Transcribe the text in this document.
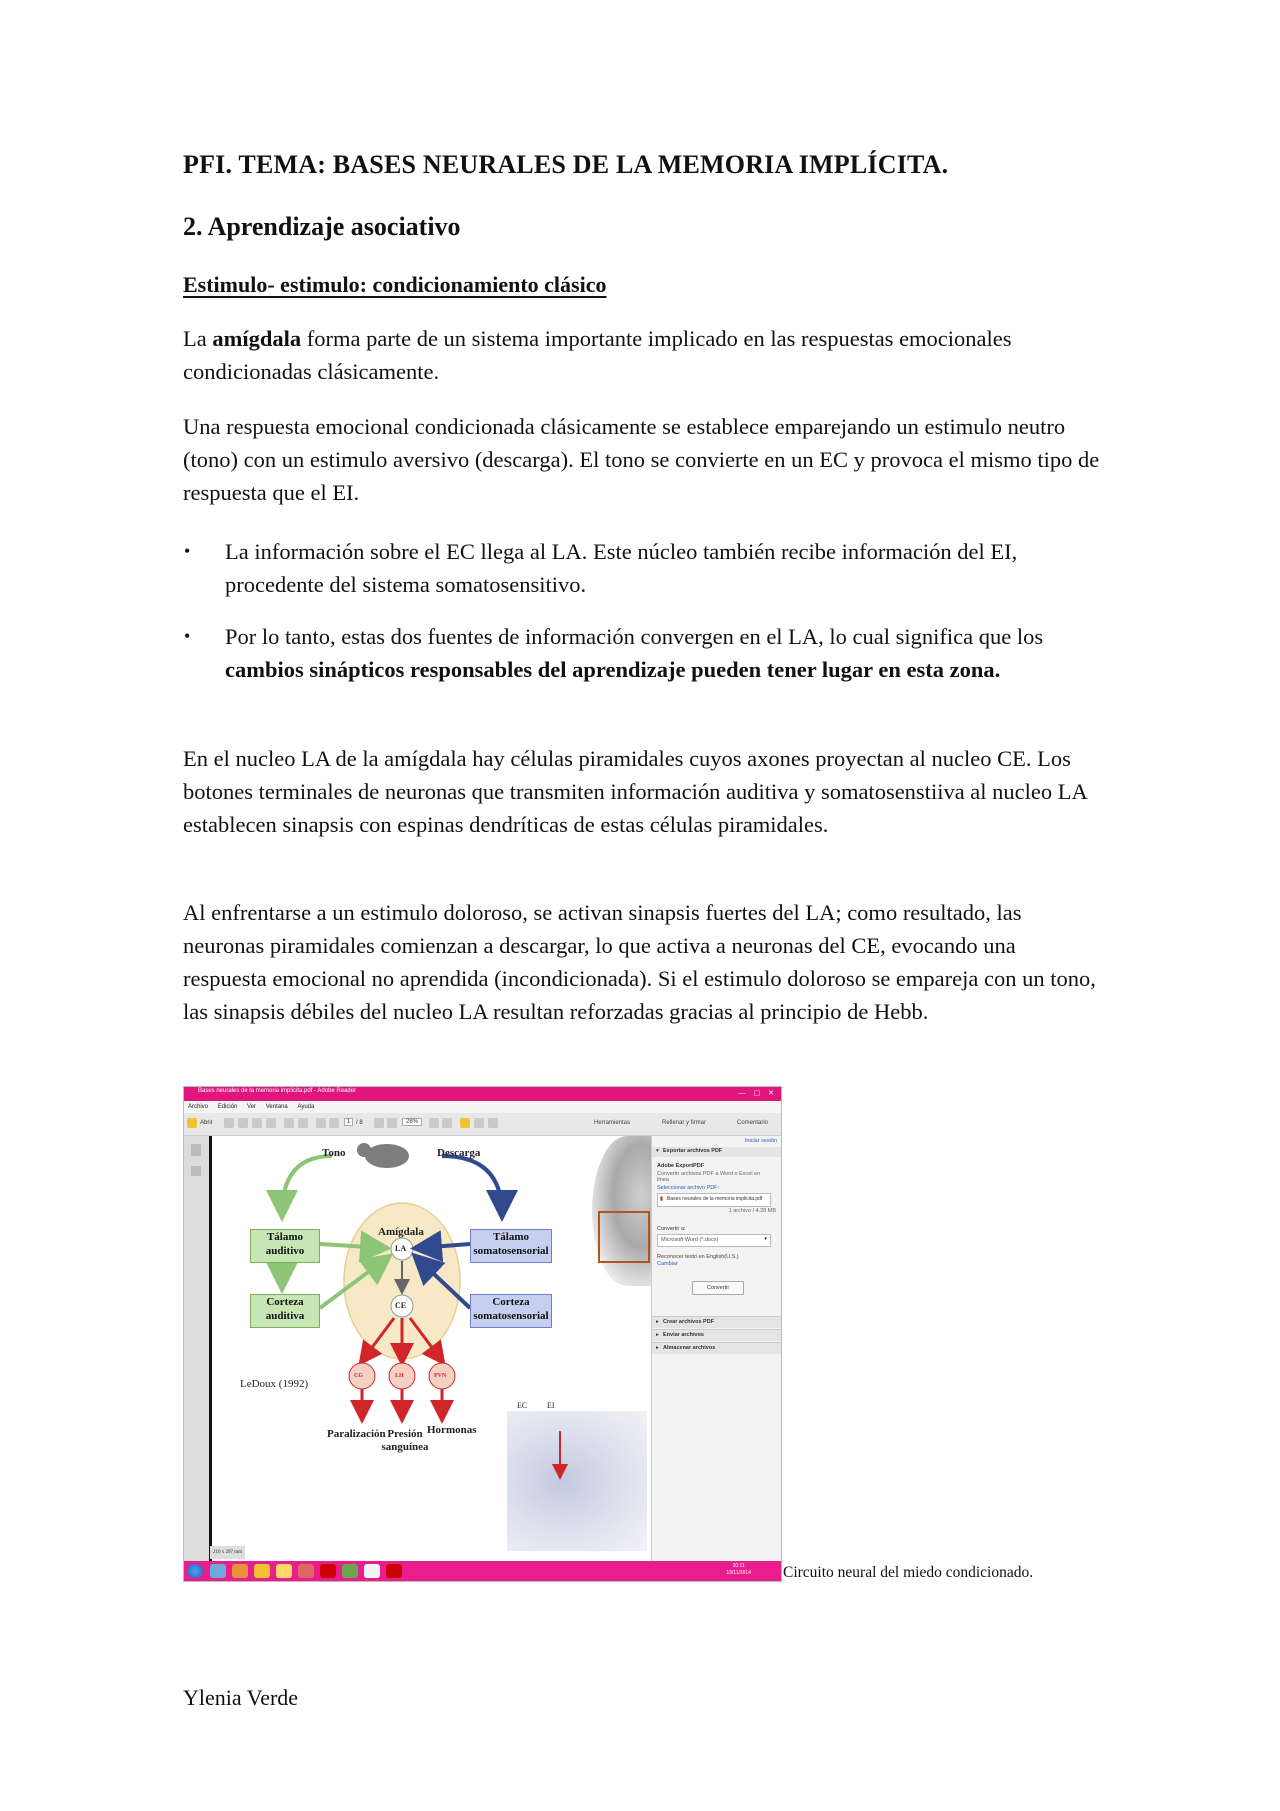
PFI. TEMA: BASES NEURALES DE LA MEMORIA IMPLÍCITA.
2. Aprendizaje asociativo
Estimulo- estimulo: condicionamiento clásico
La amígdala forma parte de un sistema importante implicado en las respuestas emocionales condicionadas clásicamente.
Una respuesta emocional condicionada clásicamente se establece emparejando un estimulo neutro (tono) con un estimulo aversivo (descarga). El tono se convierte en un EC y provoca el mismo tipo de respuesta que el EI.
• La información sobre el EC llega al LA. Este núcleo también recibe información del EI, procedente del sistema somatosensitivo.
• Por lo tanto, estas dos fuentes de información convergen en el LA, lo cual significa que los cambios sinápticos responsables del aprendizaje pueden tener lugar en esta zona.
En el nucleo LA de la amígdala hay células piramidales cuyos axones proyectan al nucleo CE. Los botones terminales de neuronas que transmiten información auditiva y somatosenstiiva al nucleo LA establecen sinapsis con espinas dendríticas de estas células piramidales.
Al enfrentarse a un estimulo doloroso, se activan sinapsis fuertes del LA; como resultado, las neuronas piramidales comienzan a descargar, lo que activa a neuronas del CE, evocando una respuesta emocional no aprendida (incondicionada). Si el estimulo doloroso se empareja con un tono, las sinapsis débiles del nucleo LA resultan reforzadas gracias al principio de Hebb.
Bases neurales de la memoria implicita.pdf - Adobe Reader	— ▢ ✕
Archivo Edición Ver Ventana Ayuda
Abrir	1 / 8	28%	Herramientas	Rellenar y firmar	Comentario
Tono	Descarga
Amígdala
LA
CE
Tálamo auditivo
Corteza auditiva
Tálamo somatosensorial
Corteza somatosensorial
CG	LH	PVN
Paralización Presión sanguínea
Hormonas
LeDoux (1992)
EC EI
210 x 297 mm
Iniciar sesión
▾ Exportar archivos PDF
Adobe ExportPDF
Convertir archivos PDF a Word o Excel en línea
Seleccionar archivo PDF:
▮ Bases neurales de la memoria implicita.pdf
1 archivo / 4.28 MB
Convertir a:
Microsoft Word (*.docx)	▾
Reconocer texto en English(U.S.)
Cambiar
Convertir
▸ Crear archivos PDF
▸ Enviar archivos
▸ Almacenar archivos
20:11
19/11/2014 Circuito neural del miedo condicionado.
Ylenia Verde
